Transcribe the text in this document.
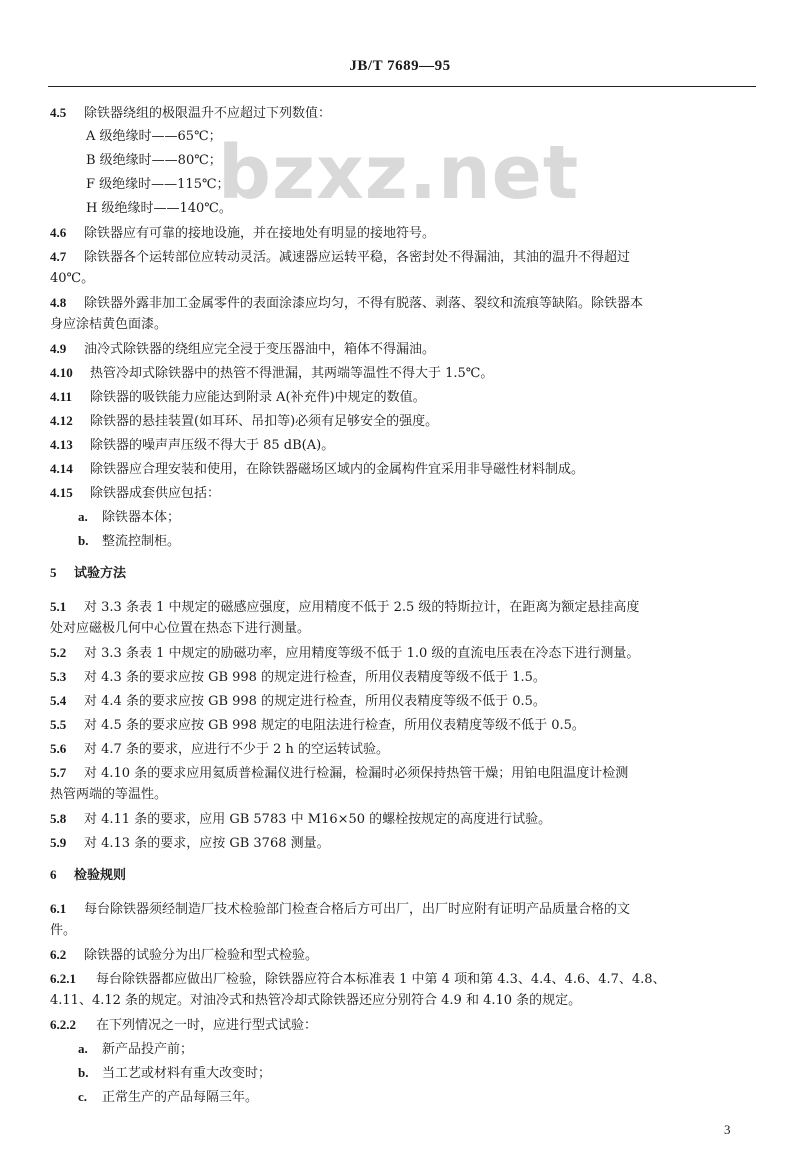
JB/T 7689—95
bzxz.net
4.5 除铁器绕组的极限温升不应超过下列数值：
A 级绝缘时——65℃；
B 级绝缘时——80℃；
F 级绝缘时——115℃；
H 级绝缘时——140℃。
4.6 除铁器应有可靠的接地设施，并在接地处有明显的接地符号。
4.7 除铁器各个运转部位应转动灵活。减速器应运转平稳，各密封处不得漏油，其油的温升不得超过
40℃。
4.8 除铁器外露非加工金属零件的表面涂漆应均匀，不得有脱落、剥落、裂纹和流痕等缺陷。除铁器本
身应涂桔黄色面漆。
4.9 油冷式除铁器的绕组应完全浸于变压器油中，箱体不得漏油。
4.10 热管冷却式除铁器中的热管不得泄漏，其两端等温性不得大于 1.5℃。
4.11 除铁器的吸铁能力应能达到附录 A(补充件)中规定的数值。
4.12 除铁器的悬挂装置(如耳环、吊扣等)必须有足够安全的强度。
4.13 除铁器的噪声声压级不得大于 85 dB(A)。
4.14 除铁器应合理安装和使用，在除铁器磁场区域内的金属构件宜采用非导磁性材料制成。
4.15 除铁器成套供应包括：
a. 除铁器本体；
b. 整流控制柜。
5 试验方法
5.1 对 3.3 条表 1 中规定的磁感应强度，应用精度不低于 2.5 级的特斯拉计，在距离为额定悬挂高度
处对应磁极几何中心位置在热态下进行测量。
5.2 对 3.3 条表 1 中规定的励磁功率，应用精度等级不低于 1.0 级的直流电压表在冷态下进行测量。
5.3 对 4.3 条的要求应按 GB 998 的规定进行检查，所用仪表精度等级不低于 1.5。
5.4 对 4.4 条的要求应按 GB 998 的规定进行检查，所用仪表精度等级不低于 0.5。
5.5 对 4.5 条的要求应按 GB 998 规定的电阻法进行检查，所用仪表精度等级不低于 0.5。
5.6 对 4.7 条的要求，应进行不少于 2 h 的空运转试验。
5.7 对 4.10 条的要求应用氦质普检漏仪进行检漏，检漏时必须保持热管干燥；用铂电阻温度计检测
热管两端的等温性。
5.8 对 4.11 条的要求，应用 GB 5783 中 M16×50 的螺栓按规定的高度进行试验。
5.9 对 4.13 条的要求，应按 GB 3768 测量。
6 检验规则
6.1 每台除铁器须经制造厂技术检验部门检查合格后方可出厂，出厂时应附有证明产品质量合格的文
件。
6.2 除铁器的试验分为出厂检验和型式检验。
6.2.1 每台除铁器都应做出厂检验，除铁器应符合本标准表 1 中第 4 项和第 4.3、4.4、4.6、4.7、4.8、
4.11、4.12 条的规定。对油冷式和热管冷却式除铁器还应分别符合 4.9 和 4.10 条的规定。
6.2.2 在下列情况之一时，应进行型式试验：
a. 新产品投产前；
b. 当工艺或材料有重大改变时；
c. 正常生产的产品每隔三年。
3
